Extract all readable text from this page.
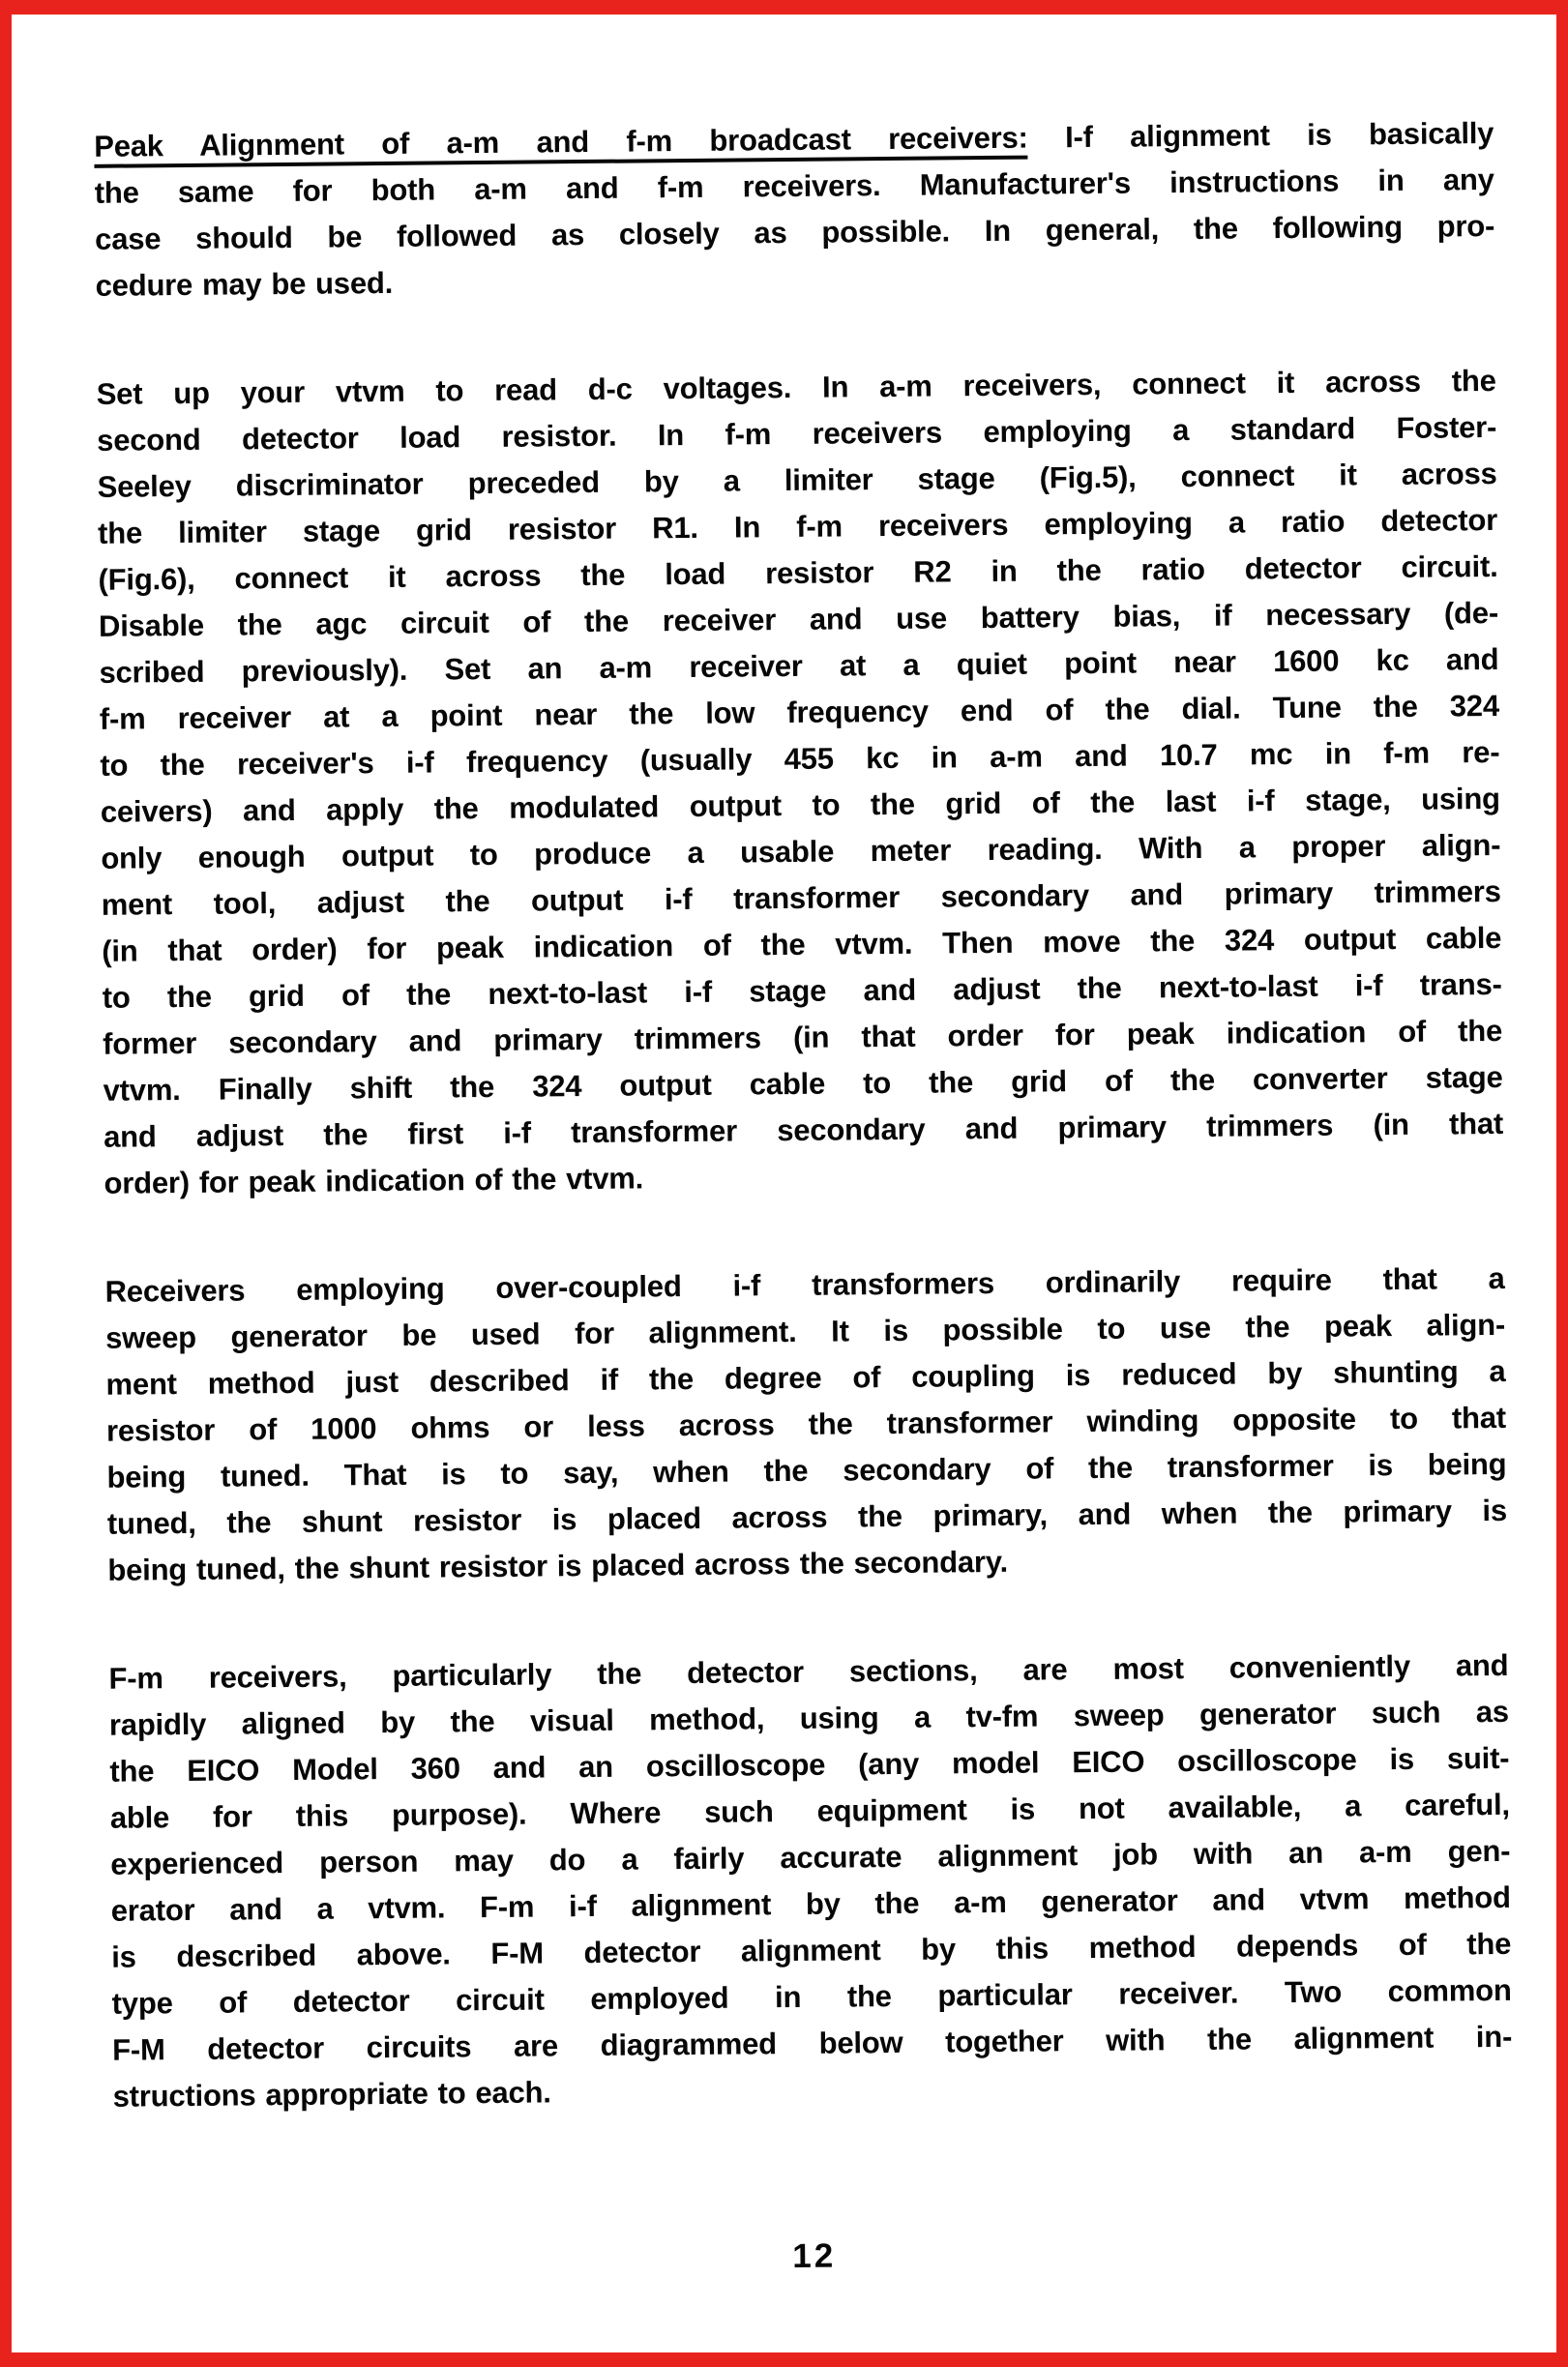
Peak Alignment of a-m and f-m broadcast receivers: I-f alignment is basically
the same for both a-m and f-m receivers. Manufacturer's instructions in any
case should be followed as closely as possible. In general, the following pro-
cedure may be used.
Set up your vtvm to read d-c voltages. In a-m receivers, connect it across the
second detector load resistor. In f-m receivers employing a standard Foster-
Seeley discriminator preceded by a limiter stage (Fig.5), connect it across
the limiter stage grid resistor R1. In f-m receivers employing a ratio detector
(Fig.6), connect it across the load resistor R2 in the ratio detector circuit.
Disable the agc circuit of the receiver and use battery bias, if necessary (de-
scribed previously). Set an a-m receiver at a quiet point near 1600 kc and
f-m receiver at a point near the low frequency end of the dial. Tune the 324
to the receiver's i-f frequency (usually 455 kc in a-m and 10.7 mc in f-m re-
ceivers) and apply the modulated output to the grid of the last i-f stage, using
only enough output to produce a usable meter reading. With a proper align-
ment tool, adjust the output i-f transformer secondary and primary trimmers
(in that order) for peak indication of the vtvm. Then move the 324 output cable
to the grid of the next-to-last i-f stage and adjust the next-to-last i-f trans-
former secondary and primary trimmers (in that order for peak indication of the
vtvm. Finally shift the 324 output cable to the grid of the converter stage
and adjust the first i-f transformer secondary and primary trimmers (in that
order) for peak indication of the vtvm.
Receivers employing over-coupled i-f transformers ordinarily require that a
sweep generator be used for alignment. It is possible to use the peak align-
ment method just described if the degree of coupling is reduced by shunting a
resistor of 1000 ohms or less across the transformer winding opposite to that
being tuned. That is to say, when the secondary of the transformer is being
tuned, the shunt resistor is placed across the primary, and when the primary is
being tuned, the shunt resistor is placed across the secondary.
F-m receivers, particularly the detector sections, are most conveniently and
rapidly aligned by the visual method, using a tv-fm sweep generator such as
the EICO Model 360 and an oscilloscope (any model EICO oscilloscope is suit-
able for this purpose). Where such equipment is not available, a careful,
experienced person may do a fairly accurate alignment job with an a-m gen-
erator and a vtvm. F-m i-f alignment by the a-m generator and vtvm method
is described above. F-M detector alignment by this method depends of the
type of detector circuit employed in the particular receiver. Two common
F-M detector circuits are diagrammed below together with the alignment in-
structions appropriate to each.
12
